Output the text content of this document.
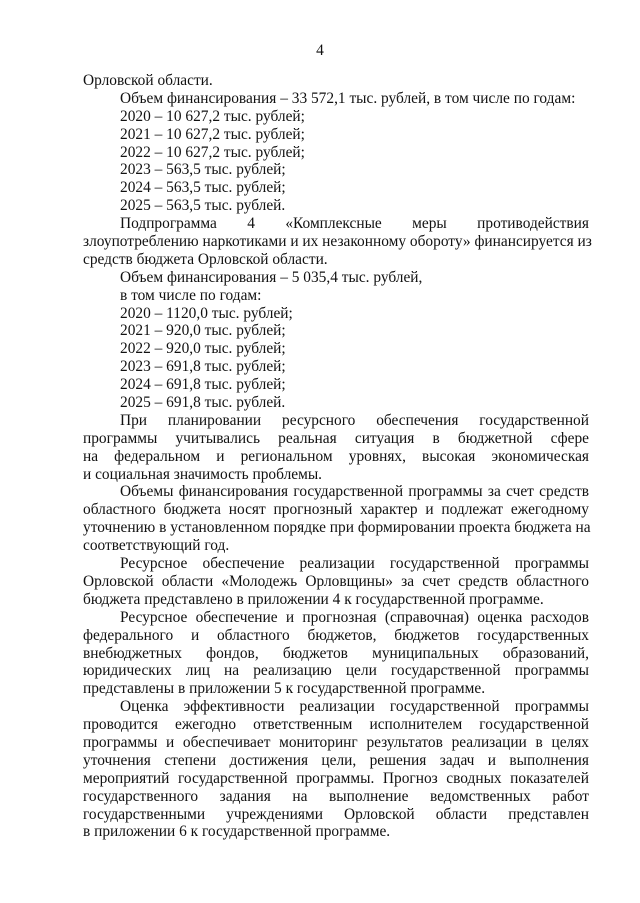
4
Орловской области.
Объем финансирования – 33 572,1 тыс. рублей, в том числе по годам:
2020 – 10 627,2 тыс. рублей;
2021 – 10 627,2 тыс. рублей;
2022 – 10 627,2 тыс. рублей;
2023 – 563,5 тыс. рублей;
2024 – 563,5 тыс. рублей;
2025 – 563,5 тыс. рублей.
Подпрограмма 4 «Комплексные меры противодействия
злоупотреблению наркотиками и их незаконному обороту» финансируется из
средств бюджета Орловской области.
Объем финансирования – 5 035,4 тыс. рублей,
в том числе по годам:
2020 – 1120,0 тыс. рублей;
2021 – 920,0 тыс. рублей;
2022 – 920,0 тыс. рублей;
2023 – 691,8 тыс. рублей;
2024 – 691,8 тыс. рублей;
2025 – 691,8 тыс. рублей.
При планировании ресурсного обеспечения государственной
программы учитывались реальная ситуация в бюджетной сфере
на федеральном и региональном уровнях, высокая экономическая
и социальная значимость проблемы.
Объемы финансирования государственной программы за счет средств
областного бюджета носят прогнозный характер и подлежат ежегодному
уточнению в установленном порядке при формировании проекта бюджета на
соответствующий год.
Ресурсное обеспечение реализации государственной программы
Орловской области «Молодежь Орловщины» за счет средств областного
бюджета представлено в приложении 4 к государственной программе.
Ресурсное обеспечение и прогнозная (справочная) оценка расходов
федерального и областного бюджетов, бюджетов государственных
внебюджетных фондов, бюджетов муниципальных образований,
юридических лиц на реализацию цели государственной программы
представлены в приложении 5 к государственной программе.
Оценка эффективности реализации государственной программы
проводится ежегодно ответственным исполнителем государственной
программы и обеспечивает мониторинг результатов реализации в целях
уточнения степени достижения цели, решения задач и выполнения
мероприятий государственной программы. Прогноз сводных показателей
государственного задания на выполнение ведомственных работ
государственными учреждениями Орловской области представлен
в приложении 6 к государственной программе.
